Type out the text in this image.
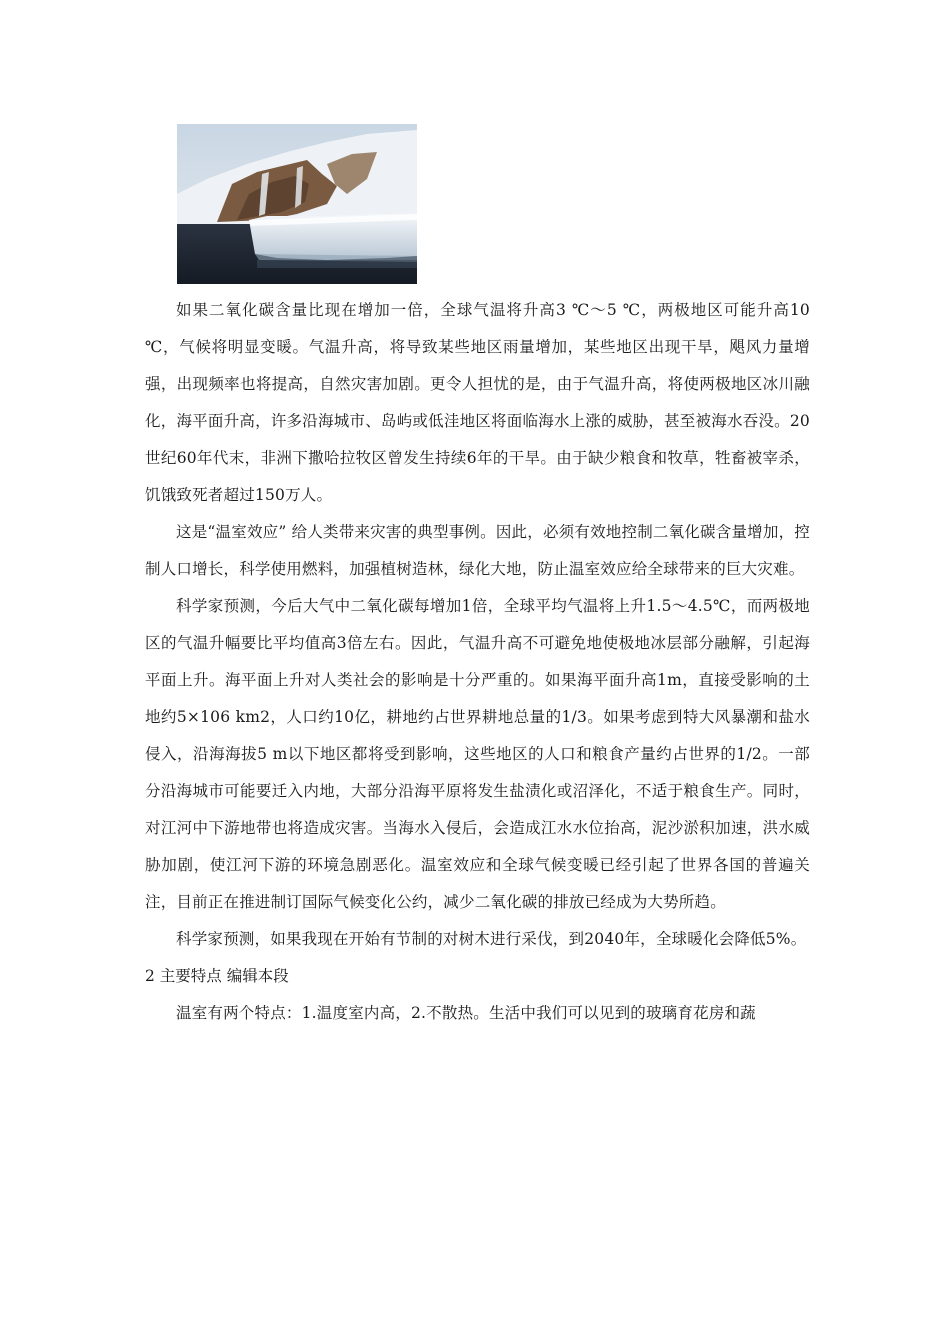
如果二氧化碳含量比现在增加一倍，全球气温将升高3 ℃～5 ℃，两极地区可能升高10 ℃，气候将明显变暖。气温升高，将导致某些地区雨量增加，某些地区出现干旱，飓风力量增强，出现频率也将提高，自然灾害加剧。更令人担忧的是，由于气温升高，将使两极地区冰川融化，海平面升高，许多沿海城市、岛屿或低洼地区将面临海水上涨的威胁，甚至被海水吞没。20世纪60年代末，非洲下撒哈拉牧区曾发生持续6年的干旱。由于缺少粮食和牧草，牲畜被宰杀，饥饿致死者超过150万人。

这是“温室效应” 给人类带来灾害的典型事例。因此，必须有效地控制二氧化碳含量增加，控制人口增长，科学使用燃料，加强植树造林，绿化大地，防止温室效应给全球带来的巨大灾难。

科学家预测，今后大气中二氧化碳每增加1倍，全球平均气温将上升1.5～4.5℃，而两极地区的气温升幅要比平均值高3倍左右。因此，气温升高不可避免地使极地冰层部分融解，引起海平面上升。海平面上升对人类社会的影响是十分严重的。如果海平面升高1m，直接受影响的土地约5×106 km2，人口约10亿，耕地约占世界耕地总量的1/3。如果考虑到特大风暴潮和盐水侵入，沿海海拔5 m以下地区都将受到影响，这些地区的人口和粮食产量约占世界的1/2。一部分沿海城市可能要迁入内地，大部分沿海平原将发生盐渍化或沼泽化，不适于粮食生产。同时，对江河中下游地带也将造成灾害。当海水入侵后，会造成江水水位抬高，泥沙淤积加速，洪水威胁加剧，使江河下游的环境急剧恶化。温室效应和全球气候变暖已经引起了世界各国的普遍关注，目前正在推进制订国际气候变化公约，减少二氧化碳的排放已经成为大势所趋。

科学家预测，如果我现在开始有节制的对树木进行采伐，到2040年，全球暖化会降低5%。

2 主要特点 编辑本段

温室有两个特点：1.温度室内高，2.不散热。生活中我们可以见到的玻璃育花房和蔬
